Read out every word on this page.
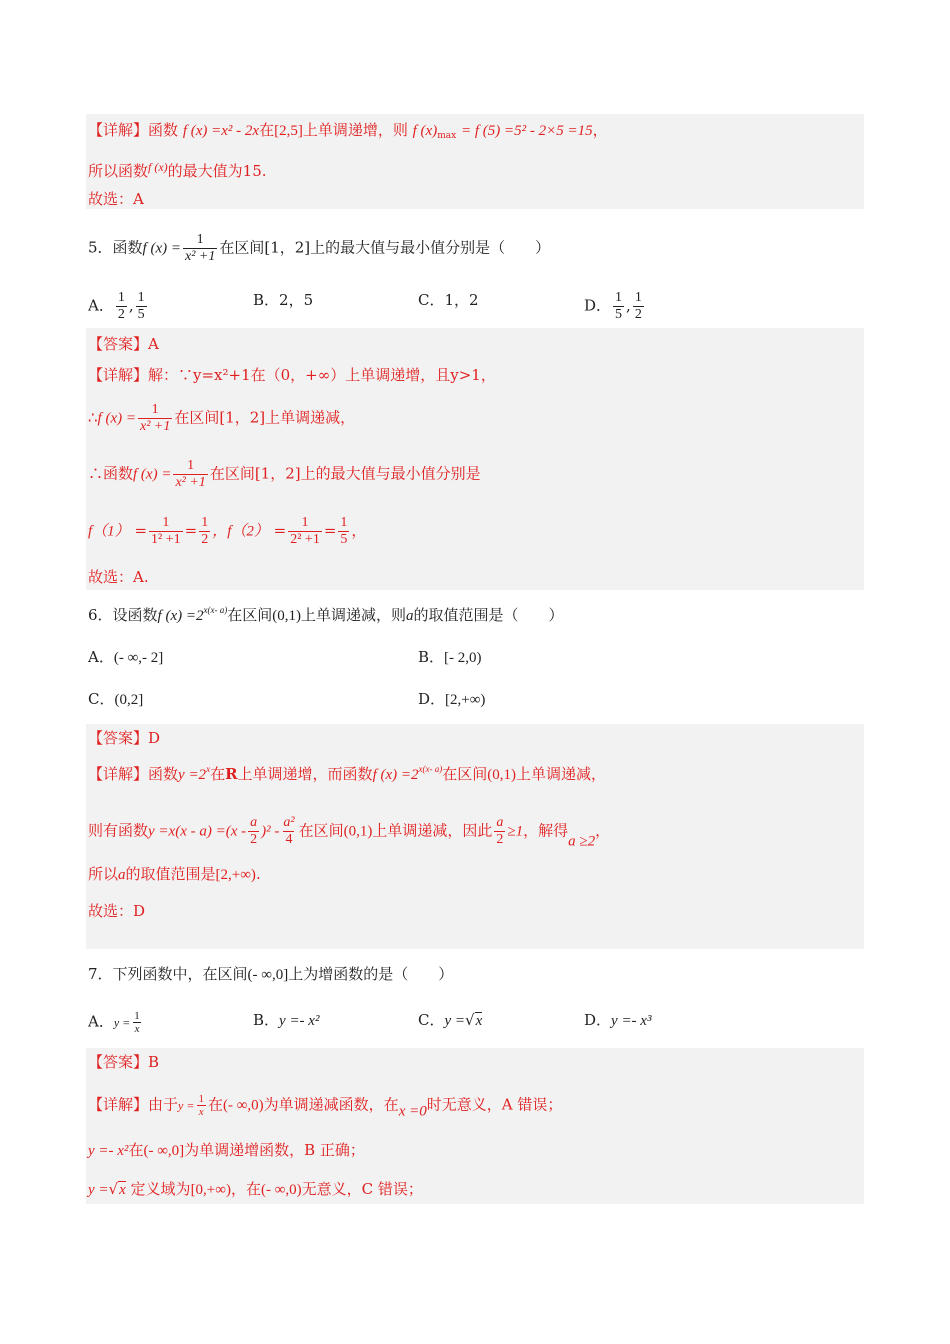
【详解】函数 f (x) =x² - 2x在[2,5]上单调递增，则 f $(x)_{max} = f$ (5) =5² - 2×5 =15，
所以函数$^{f (x)}$的最大值为15.
故选：A
5．函数f $(x) = \frac{1}{\text{x² +1}}$ 在区间[1，2]上的最大值与最小值分别是（　　）
A． $\frac{1}{2}$ , $\frac{1}{5}$	B．2，5	C．1，2	D． $\frac{1}{5}$ , $\frac{1}{2}$
【答案】A
【详解】解：∵y=x²+1在（0，+∞）上单调递增，且y>1，
∴f $(x) = \frac{1}{\text{x² +1}}$ 在区间[1，2]上单调递减，
∴函数f $(x) = \frac{1}{\text{x² +1}}$ 在区间[1，2]上的最大值与最小值分别是
$f(1) = \frac{1}{\text{1² +1}} = \frac{1}{2}$ ，$f(2) = \frac{1}{\text{2² +1}} = \frac{1}{5}$ ，
故选：A.
6．设函数f $(x) =2^{x(x- a)}$在区间(0,1)上单调递减，则a的取值范围是（　　）
A．(- ∞,- 2]	B．[- 2,0)
C．(0,2]	D．[2,+∞)
【答案】D
【详解】函数$y =2^x$在R上单调递增，而函数f $(x) =2^{x(x- a)}$在区间(0,1)上单调递减，
则有函数$y =x(x - a) =(x - \frac{a}{2} )^2 - \frac{\text{a²}}{4}$ 在区间(0,1)上单调递减，因此 $\frac{a}{2} \ge 1$，解得a ≥2，
所以a的取值范围是[2,+∞).
故选：D
7．下列函数中，在区间(- ∞,0]上为增函数的是（　　）
A．$y = \frac{1}{x}$	B．y =- x²	C．y =√x	D．y =- x³
【答案】B
【详解】由于$y = \frac{1}{x}$ 在(- ∞,0)为单调递减函数，在x =0时无意义，A 错误；
y =- x²在(- ∞,0]为单调递增函数，B 正确；
y =√x 定义域为[0,+∞)，在(- ∞,0)无意义，C 错误；
